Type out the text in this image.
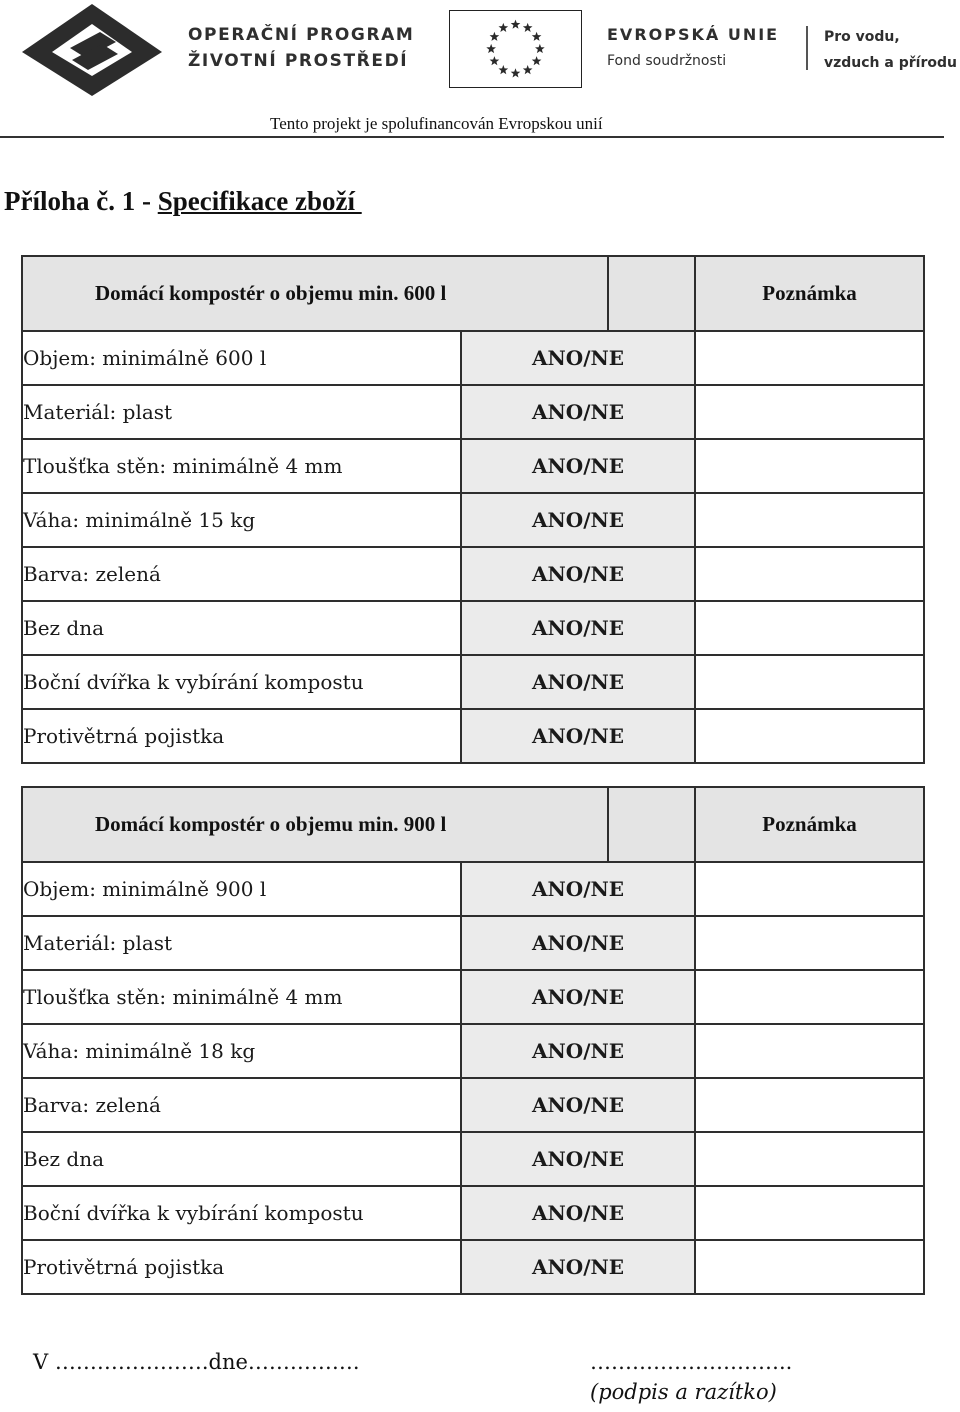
OPERAČNÍ PROGRAM
ŽIVOTNÍ PROSTŘEDÍ
EVROPSKÁ UNIE
Fond soudržnosti
Pro vodu,
vzduch a přírodu
Tento projekt je spolufinancován Evropskou unií
Příloha č. 1 - Specifikace zboží
Domácí kompostér o objemu min. 600 l			Poznámka
Objem: minimálně 600 l	ANO/NE		
Materiál: plast	ANO/NE		
Tloušťka stěn: minimálně 4 mm	ANO/NE		
Váha: minimálně 15 kg	ANO/NE		
Barva: zelená	ANO/NE		
Bez dna	ANO/NE		
Boční dvířka k vybírání kompostu	ANO/NE		
Protivětrná pojistka	ANO/NE		
Domácí kompostér o objemu min. 900 l			Poznámka
Objem: minimálně 900 l	ANO/NE		
Materiál: plast	ANO/NE		
Tloušťka stěn: minimálně 4 mm	ANO/NE		
Váha: minimálně 18 kg	ANO/NE		
Barva: zelená	ANO/NE		
Bez dna	ANO/NE		
Boční dvířka k vybírání kompostu	ANO/NE		
Protivětrná pojistka	ANO/NE		
V ………………….dne…………….	………………………..
(podpis a razítko)
